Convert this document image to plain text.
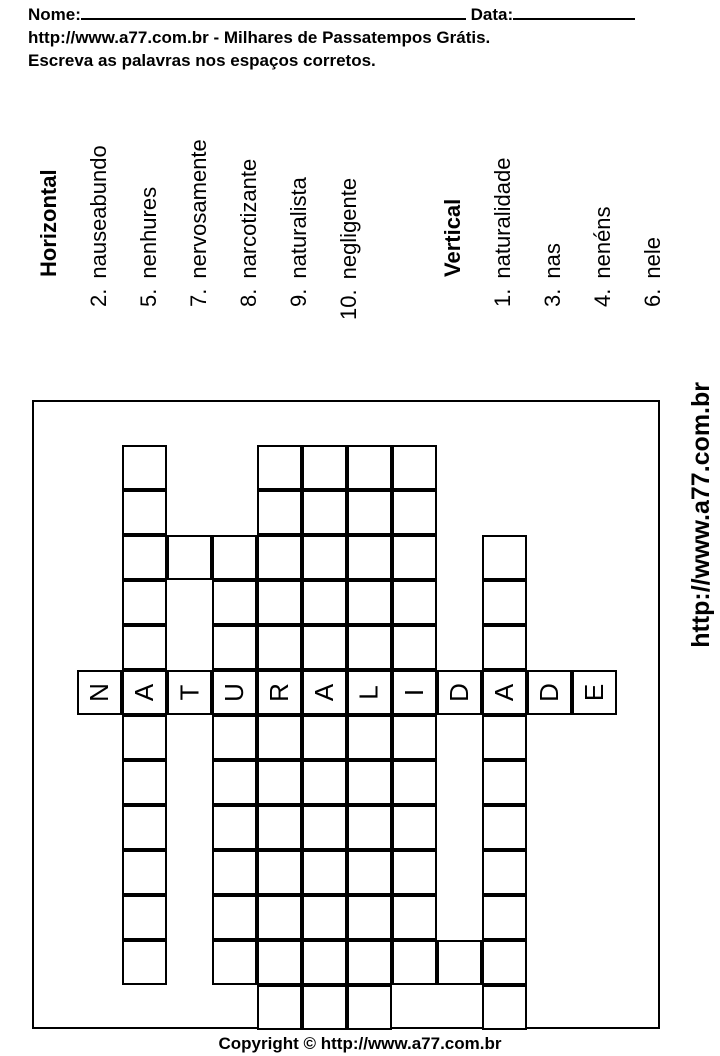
Nome:	Data:
http://www.a77.com.br - Milhares de Passatempos Grátis.
Escreva as palavras nos espaços corretos.
Horizontal
2.nauseabundo
5.nenhures
7.nervosamente
8.narcotizante
9.naturalista
10.negligente	Vertical
1.naturalidade
3.nas
4.nenéns
6.nele
N A T U R A L I D A D E
http://www.a77.com.br
Copyright © http://www.a77.com.br
